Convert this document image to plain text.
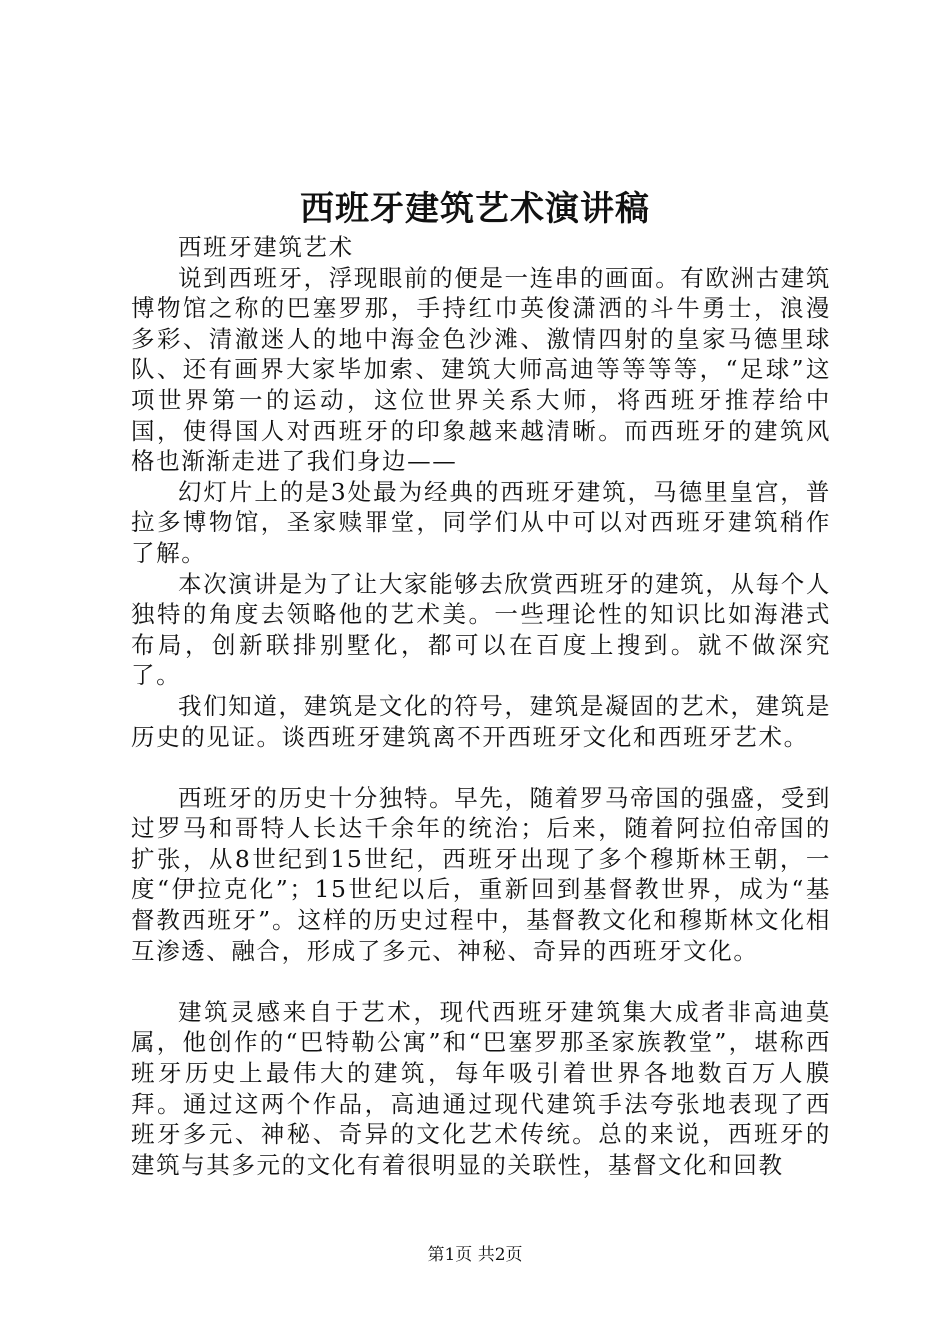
西班牙建筑艺术演讲稿

西班牙建筑艺术

说到西班牙，浮现眼前的便是一连串的画面。有欧洲古建筑博物馆之称的巴塞罗那，手持红巾英俊潇洒的斗牛勇士，浪漫多彩、清澈迷人的地中海金色沙滩、激情四射的皇家马德里球队、还有画界大家毕加索、建筑大师高迪等等等等，“足球”这项世界第一的运动，这位世界关系大师，将西班牙推荐给中国，使得国人对西班牙的印象越来越清晰。而西班牙的建筑风格也渐渐走进了我们身边——

幻灯片上的是3处最为经典的西班牙建筑，马德里皇宫，普拉多博物馆，圣家赎罪堂，同学们从中可以对西班牙建筑稍作了解。

本次演讲是为了让大家能够去欣赏西班牙的建筑，从每个人独特的角度去领略他的艺术美。一些理论性的知识比如海港式布局，创新联排别墅化，都可以在百度上搜到。就不做深究了。

我们知道，建筑是文化的符号，建筑是凝固的艺术，建筑是历史的见证。谈西班牙建筑离不开西班牙文化和西班牙艺术。

西班牙的历史十分独特。早先，随着罗马帝国的强盛，受到过罗马和哥特人长达千余年的统治；后来，随着阿拉伯帝国的扩张，从8世纪到15世纪，西班牙出现了多个穆斯林王朝，一度“伊拉克化”；15世纪以后，重新回到基督教世界，成为“基督教西班牙”。这样的历史过程中，基督教文化和穆斯林文化相互渗透、融合，形成了多元、神秘、奇异的西班牙文化。

建筑灵感来自于艺术，现代西班牙建筑集大成者非高迪莫属，他创作的“巴特勒公寓”和“巴塞罗那圣家族教堂”，堪称西班牙历史上最伟大的建筑，每年吸引着世界各地数百万人膜拜。通过这两个作品，高迪通过现代建筑手法夸张地表现了西班牙多元、神秘、奇异的文化艺术传统。总的来说，西班牙的建筑与其多元的文化有着很明显的关联性，基督文化和回教

第1页 共2页
